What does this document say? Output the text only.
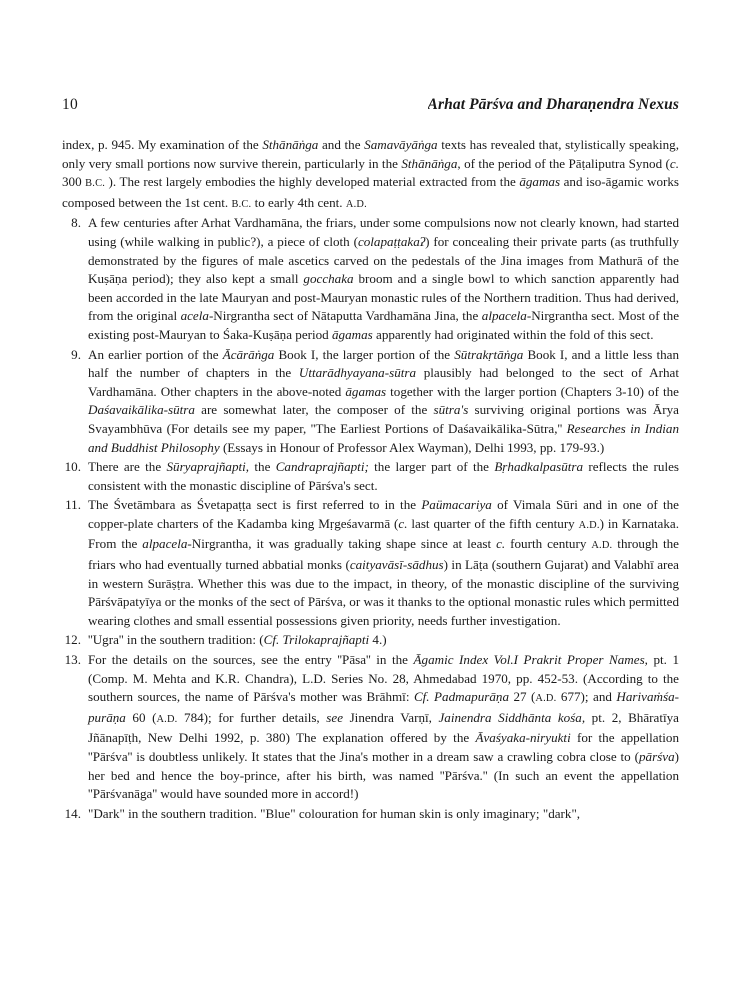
10	Arhat Pārśva and Dharaṇendra Nexus

index, p. 945. My examination of the Sthānāṅga and the Samavāyāṅga texts has revealed that, stylistically speaking, only very small portions now survive therein, particularly in the Sthānāṅga, of the period of the Pāṭaliputra Synod (c. 300 B.C. ). The rest largely embodies the highly developed material extracted from the āgamas and iso-āgamic works composed between the 1st cent. B.C. to early 4th cent. A.D.

8. A few centuries after Arhat Vardhamāna, the friars, under some compulsions now not clearly known, had started using (while walking in public?), a piece of cloth (colapaṭṭakaʔ) for concealing their private parts (as truthfully demonstrated by the figures of male ascetics carved on the pedestals of the Jina images from Mathurā of the Kuṣāṇa period); they also kept a small gocchaka broom and a single bowl to which sanction apparently had been accorded in the late Mauryan and post-Mauryan monastic rules of the Northern tradition. Thus had derived, from the original acela-Nirgrantha sect of Nātaputta Vardhamāna Jina, the alpacela-Nirgrantha sect. Most of the existing post-Mauryan to Śaka-Kuṣāṇa period āgamas apparently had originated within the fold of this sect.
9. An earlier portion of the Ācārāṅga Book I, the larger portion of the Sūtrakṛtāṅga Book I, and a little less than half the number of chapters in the Uttarādhyayana-sūtra plausibly had belonged to the sect of Arhat Vardhamāna. Other chapters in the above-noted āgamas together with the larger portion (Chapters 3-10) of the Daśavaikālika-sūtra are somewhat later, the composer of the sūtra's surviving original portions was Ārya Svayambhūva (For details see my paper, ''The Earliest Portions of Daśavaikālika-Sūtra,'' Researches in Indian and Buddhist Philosophy (Essays in Honour of Professor Alex Wayman), Delhi 1993, pp. 179-93.)
10. There are the Sūryaprajñapti, the Candraprajñapti; the larger part of the Bṛhadkalpasūtra reflects the rules consistent with the monastic discipline of Pārśva's sect.
11. The Śvetāmbara as Śvetapaṭṭa sect is first referred to in the Paümacariya of Vimala Sūri and in one of the copper-plate charters of the Kadamba king Mṛgeśavarmā (c. last quarter of the fifth century A.D.) in Karnataka. From the alpacela-Nirgrantha, it was gradually taking shape since at least c. fourth century A.D. through the friars who had eventually turned abbatial monks (caityavāsī-sādhus) in Lāṭa (southern Gujarat) and Valabhī area in western Surāṣṭra. Whether this was due to the impact, in theory, of the monastic discipline of the surviving Pārśvāpatyīya or the monks of the sect of Pārśva, or was it thanks to the optional monastic rules which permitted wearing clothes and small essential possessions given priority, needs further investigation.
12. ''Ugra'' in the southern tradition: (Cf. Trilokaprajñapti 4.)
13. For the details on the sources, see the entry ''Pāsa'' in the Āgamic Index Vol.I Prakrit Proper Names, pt. 1 (Comp. M. Mehta and K.R. Chandra), L.D. Series No. 28, Ahmedabad 1970, pp. 452-53. (According to the southern sources, the name of Pārśva's mother was Brāhmī: Cf. Padmapurāṇa 27 (A.D. 677); and Harivaṁśa-purāṇa 60 (A.D. 784); for further details, see Jinendra Varṇī, Jainendra Siddhānta kośa, pt. 2, Bhāratīya Jñānapīṭh, New Delhi 1992, p. 380) The explanation offered by the Āvaśyaka-niryukti for the appellation ''Pārśva'' is doubtless unlikely. It states that the Jina's mother in a dream saw a crawling cobra close to (pārśva) her bed and hence the boy-prince, after his birth, was named ''Pārśva.'' (In such an event the appellation ''Pārśvanāga'' would have sounded more in accord!)
14. "Dark" in the southern tradition. "Blue" colouration for human skin is only imaginary; "dark",
